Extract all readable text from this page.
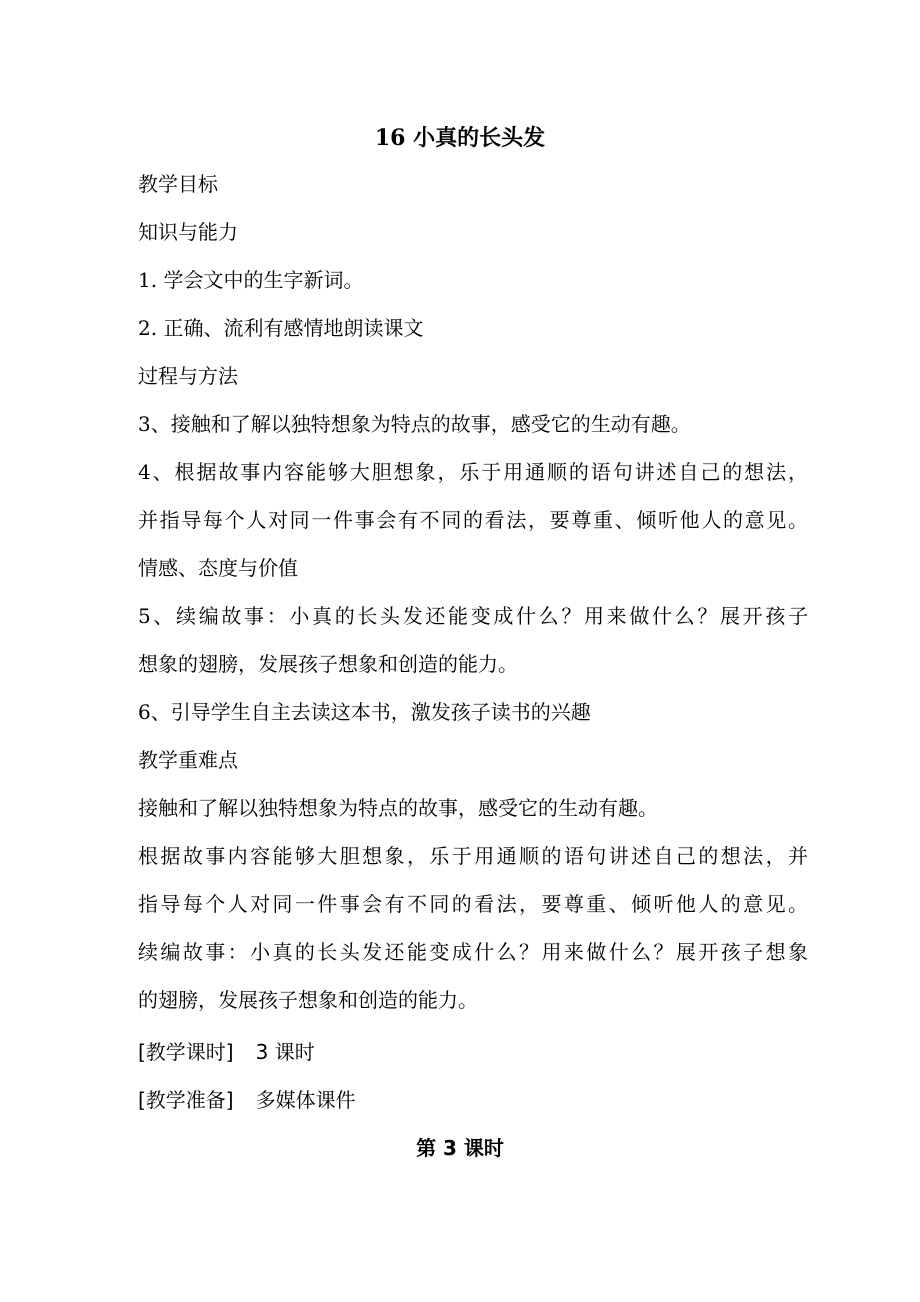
16 小真的长头发
教学目标
知识与能力
1. 学会文中的生字新词。
2. 正确、流利有感情地朗读课文
过程与方法
3、接触和了解以独特想象为特点的故事，感受它的生动有趣。
4、根据故事内容能够大胆想象，乐于用通顺的语句讲述自己的想法，
并指导每个人对同一件事会有不同的看法，要尊重、倾听他人的意见。
情感、态度与价值
5、续编故事：小真的长头发还能变成什么？用来做什么？展开孩子
想象的翅膀，发展孩子想象和创造的能力。
6、引导学生自主去读这本书，激发孩子读书的兴趣
教学重难点
接触和了解以独特想象为特点的故事，感受它的生动有趣。
根据故事内容能够大胆想象，乐于用通顺的语句讲述自己的想法，并
指导每个人对同一件事会有不同的看法，要尊重、倾听他人的意见。
续编故事：小真的长头发还能变成什么？用来做什么？展开孩子想象
的翅膀，发展孩子想象和创造的能力。
[教学课时] 3 课时
[教学准备] 多媒体课件
第 3 课时
